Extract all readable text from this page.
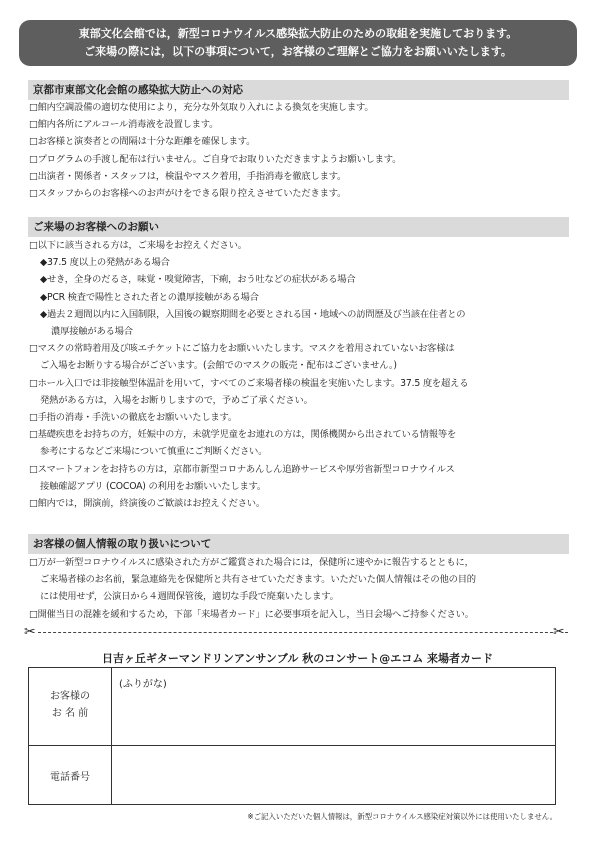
東部文化会館では，新型コロナウイルス感染拡大防止のための取組を実施しております。
ご来場の際には，以下の事項について，お客様のご理解とご協力をお願いいたします。
京都市東部文化会館の感染拡大防止への対応
□館内空調設備の適切な使用により，充分な外気取り入れによる換気を実施します。
□館内各所にアルコール消毒液を設置します。
□お客様と演奏者との間隔は十分な距離を確保します。
□プログラムの手渡し配布は行いません。ご自身でお取りいただきますようお願いします。
□出演者・関係者・スタッフは，検温やマスク着用，手指消毒を徹底します。
□スタッフからのお客様へのお声がけをできる限り控えさせていただきます。
ご来場のお客様へのお願い
□以下に該当される方は，ご来場をお控えください。
◆37.5 度以上の発熱がある場合
◆せき，全身のだるさ，味覚・嗅覚障害，下痢，おう吐などの症状がある場合
◆PCR 検査で陽性とされた者との濃厚接触がある場合
◆過去２週間以内に入国制限，入国後の観察期間を必要とされる国・地域への訪問歴及び当該在住者との
濃厚接触がある場合
□マスクの常時着用及び咳エチケットにご協力をお願いいたします。マスクを着用されていないお客様は
ご入場をお断りする場合がございます。(会館でのマスクの販売・配布はございません。)
□ホール入口では非接触型体温計を用いて，すべてのご来場者様の検温を実施いたします。37.5 度を超える
発熱がある方は，入場をお断りしますので，予めご了承ください。
□手指の消毒・手洗いの徹底をお願いいたします。
□基礎疾患をお持ちの方，妊娠中の方，未就学児童をお連れの方は，関係機関から出されている情報等を
参考にするなどご来場について慎重にご判断ください。
□スマートフォンをお持ちの方は，京都市新型コロナあんしん追跡サービスや厚労省新型コロナウイルス
接触確認アプリ (COCOA) の利用をお願いいたします。
□館内では，開演前，終演後のご歓談はお控えください。
お客様の個人情報の取り扱いについて
□万が一新型コロナウイルスに感染された方がご鑑賞された場合には，保健所に速やかに報告するとともに，
ご来場者様のお名前，緊急連絡先を保健所と共有させていただきます。いただいた個人情報はその他の目的
には使用せず，公演日から４週間保管後，適切な手段で廃棄いたします。
□開催当日の混雑を緩和するため，下部「来場者カード」に必要事項を記入し，当日会場へご持参ください。
✂	✂
日吉ヶ丘ギターマンドリンアンサンブル 秋のコンサート@エコム 来場者カード
お客様の
お 名 前
(ふりがな)
電話番号
※ご記入いただいた個人情報は，新型コロナウイルス感染症対策以外には使用いたしません。
